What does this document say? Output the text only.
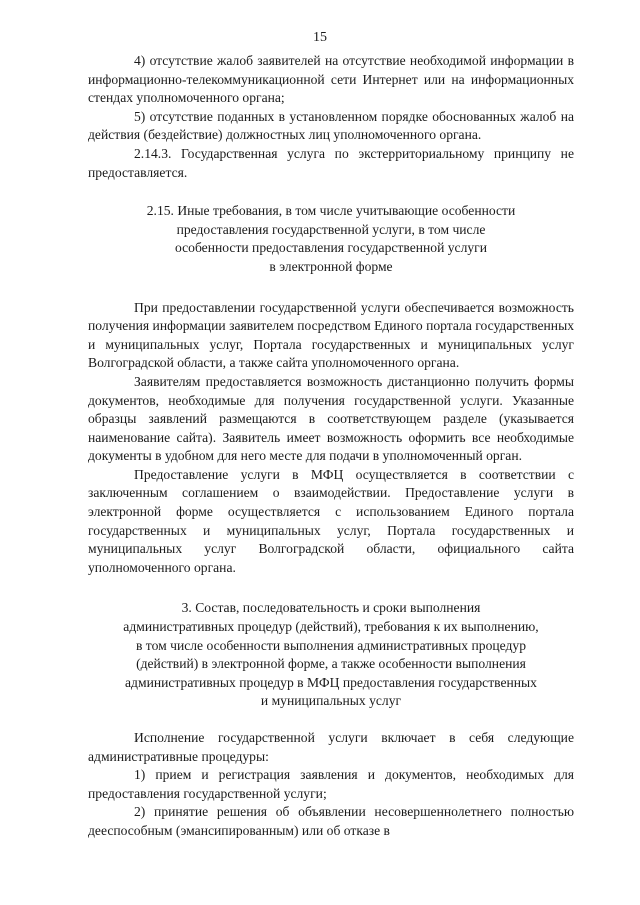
15

4) отсутствие жалоб заявителей на отсутствие необходимой информации в информационно-телекоммуникационной сети Интернет или на информационных стендах уполномоченного органа;

5) отсутствие поданных в установленном порядке обоснованных жалоб на действия (бездействие) должностных лиц уполномоченного органа.

2.14.3. Государственная услуга по экстерриториальному принципу не предоставляется.

2.15. Иные требования, в том числе учитывающие особенности

предоставления государственной услуги, в том числе

особенности предоставления государственной услуги

в электронной форме

При предоставлении государственной услуги обеспечивается возможность получения информации заявителем посредством Единого портала государственных и муниципальных услуг, Портала государственных и муниципальных услуг Волгоградской области, а также сайта уполномоченного органа.

Заявителям предоставляется возможность дистанционно получить формы документов, необходимые для получения государственной услуги. Указанные образцы заявлений размещаются в соответствующем разделе (указывается наименование сайта). Заявитель имеет возможность оформить все необходимые документы в удобном для него месте для подачи в уполномоченный орган.

Предоставление услуги в МФЦ осуществляется в соответствии с заключенным соглашением о взаимодействии. Предоставление услуги в электронной форме осуществляется с использованием Единого портала государственных и муниципальных услуг, Портала государственных и муниципальных услуг Волгоградской области, официального сайта уполномоченного органа.

3. Состав, последовательность и сроки выполнения

административных процедур (действий), требования к их выполнению,

в том числе особенности выполнения административных процедур

(действий) в электронной форме, а также особенности выполнения

административных процедур в МФЦ предоставления государственных

и муниципальных услуг

Исполнение государственной услуги включает в себя следующие административные процедуры:

1) прием и регистрация заявления и документов, необходимых для предоставления государственной услуги;

2) принятие решения об объявлении несовершеннолетнего полностью дееспособным (эмансипированным) или об отказе в
